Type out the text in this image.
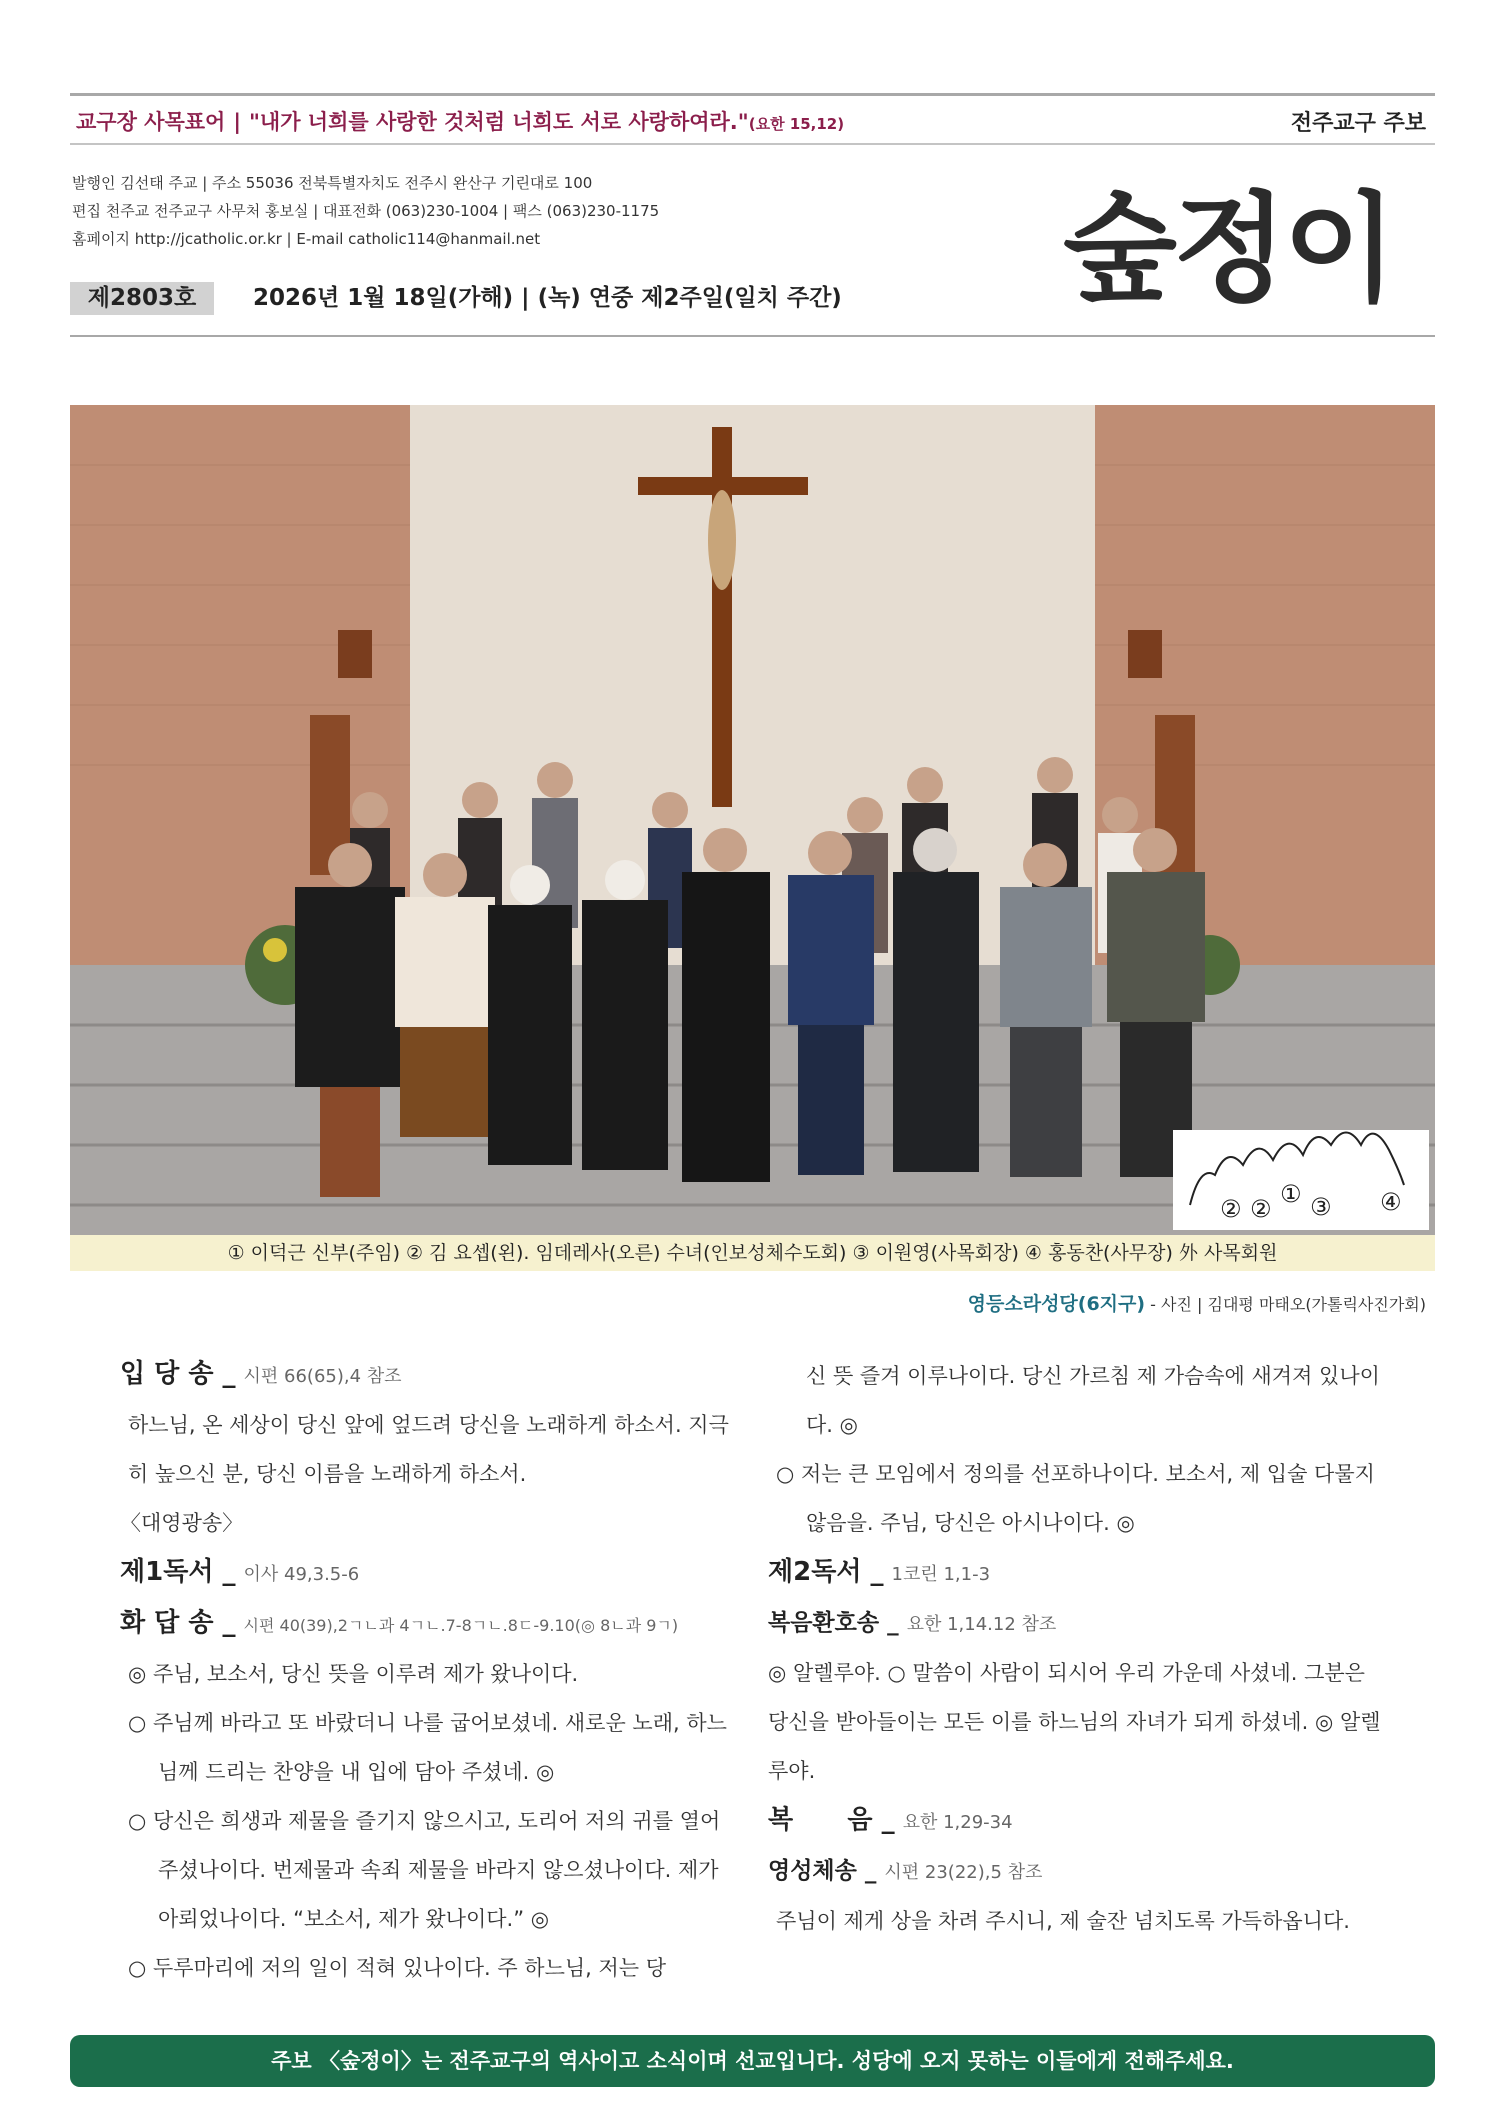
교구장 사목표어 | "내가 너희를 사랑한 것처럼 너희도 서로 사랑하여라."(요한 15,12)	전주교구 주보
발행인 김선태 주교 | 주소 55036 전북특별자치도 전주시 완산구 기린대로 100
편집 천주교 전주교구 사무처 홍보실 | 대표전화 (063)230-1004 | 팩스 (063)230-1175
홈페이지 http://jcatholic.or.kr | E-mail catholic114@hanmail.net
제2803호	2026년 1월 18일(가해) | (녹) 연중 제2주일(일치 주간) 숲정이
② ②
① ③ ④
① 이덕근 신부(주임) ② 김 요셉(왼). 임데레사(오른) 수녀(인보성체수도회) ③ 이원영(사목회장) ④ 홍동찬(사무장) 外 사목회원
영등소라성당(6지구) - 사진 | 김대평 마태오(가톨릭사진가회)

입 당 송 _ 시편 66(65),4 참조

하느님, 온 세상이 당신 앞에 엎드려 당신을 노래하게 하소서. 지극히 높으신 분, 당신 이름을 노래하게 하소서.

〈대영광송〉

제1독서 _ 이사 49,3.5-6

화 답 송 _ 시편 40(39),2ㄱㄴ과 4ㄱㄴ.7-8ㄱㄴ.8ㄷ-9.10(◎ 8ㄴ과 9ㄱ)

◎ 주님, 보소서, 당신 뜻을 이루려 제가 왔나이다.

○ 주님께 바라고 또 바랐더니 나를 굽어보셨네. 새로운 노래, 하느님께 드리는 찬양을 내 입에 담아 주셨네. ◎

○ 당신은 희생과 제물을 즐기지 않으시고, 도리어 저의 귀를 열어 주셨나이다. 번제물과 속죄 제물을 바라지 않으셨나이다. 제가 아뢰었나이다. “보소서, 제가 왔나이다.” ◎

○ 두루마리에 저의 일이 적혀 있나이다. 주 하느님, 저는 당

신 뜻 즐겨 이루나이다. 당신 가르침 제 가슴속에 새겨져 있나이다. ◎

○ 저는 큰 모임에서 정의를 선포하나이다. 보소서, 제 입술 다물지 않음을. 주님, 당신은 아시나이다. ◎

제2독서 _ 1코린 1,1-3

복음환호송 _ 요한 1,14.12 참조

◎ 알렐루야. ○ 말씀이 사람이 되시어 우리 가운데 사셨네. 그분은 당신을 받아들이는 모든 이를 하느님의 자녀가 되게 하셨네. ◎ 알렐루야.

복      음 _ 요한 1,29-34

영성체송 _ 시편 23(22),5 참조

주님이 제게 상을 차려 주시니, 제 술잔 넘치도록 가득하옵니다.

주보 〈숲정이〉는 전주교구의 역사이고 소식이며 선교입니다. 성당에 오지 못하는 이들에게 전해주세요.
